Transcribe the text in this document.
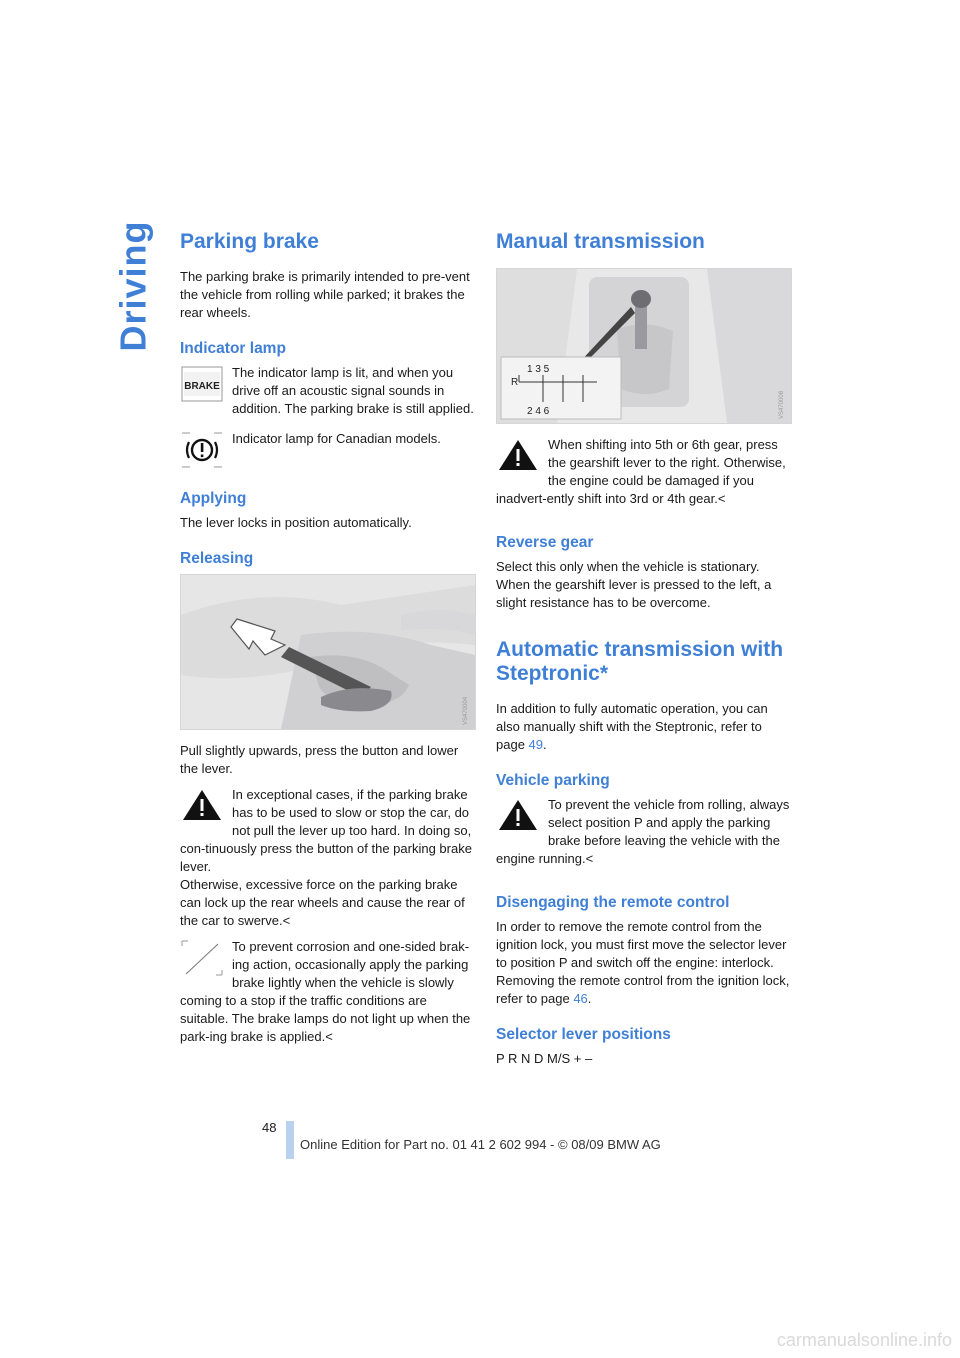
Driving Parking brake

The parking brake is primarily intended to pre-vent the vehicle from rolling while parked; it brakes the rear wheels.

Indicator lamp
BRAKE

The indicator lamp is lit, and when you drive off an acoustic signal sounds in addition. The parking brake is still applied.

Indicator lamp for Canadian models.

Applying

The lever locks in position automatically.

Releasing
VS470004

Pull slightly upwards, press the button and lower the lever.

In exceptional cases, if the parking brake has to be used to slow or stop the car, do not pull the lever up too hard. In doing so, con-tinuously press the button of the parking brake lever.

Otherwise, excessive force on the parking brake can lock up the rear wheels and cause the rear of the car to swerve.<

To prevent corrosion and one-sided brak-ing action, occasionally apply the parking brake lightly when the vehicle is slowly coming to a stop if the traffic conditions are suitable. The brake lamps do not light up when the park-ing brake is applied.<

Manual transmission
1 3 5
R
2 4 6	VS470008

When shifting into 5th or 6th gear, press the gearshift lever to the right. Otherwise, the engine could be damaged if you inadvert-ently shift into 3rd or 4th gear.<

Reverse gear

Select this only when the vehicle is stationary. When the gearshift lever is pressed to the left, a slight resistance has to be overcome.

Automatic transmission with Steptronic*

In addition to fully automatic operation, you can also manually shift with the Steptronic, refer to page 49.

Vehicle parking

To prevent the vehicle from rolling, always select position P and apply the parking brake before leaving the vehicle with the engine running.<

Disengaging the remote control

In order to remove the remote control from the ignition lock, you must first move the selector lever to position P and switch off the engine: interlock. Removing the remote control from the ignition lock, refer to page 46.

Selector lever positions

P R N D M/S + –

48
Online Edition for Part no. 01 41 2 602 994 - © 08/09 BMW AG
carmanualsonline.info
